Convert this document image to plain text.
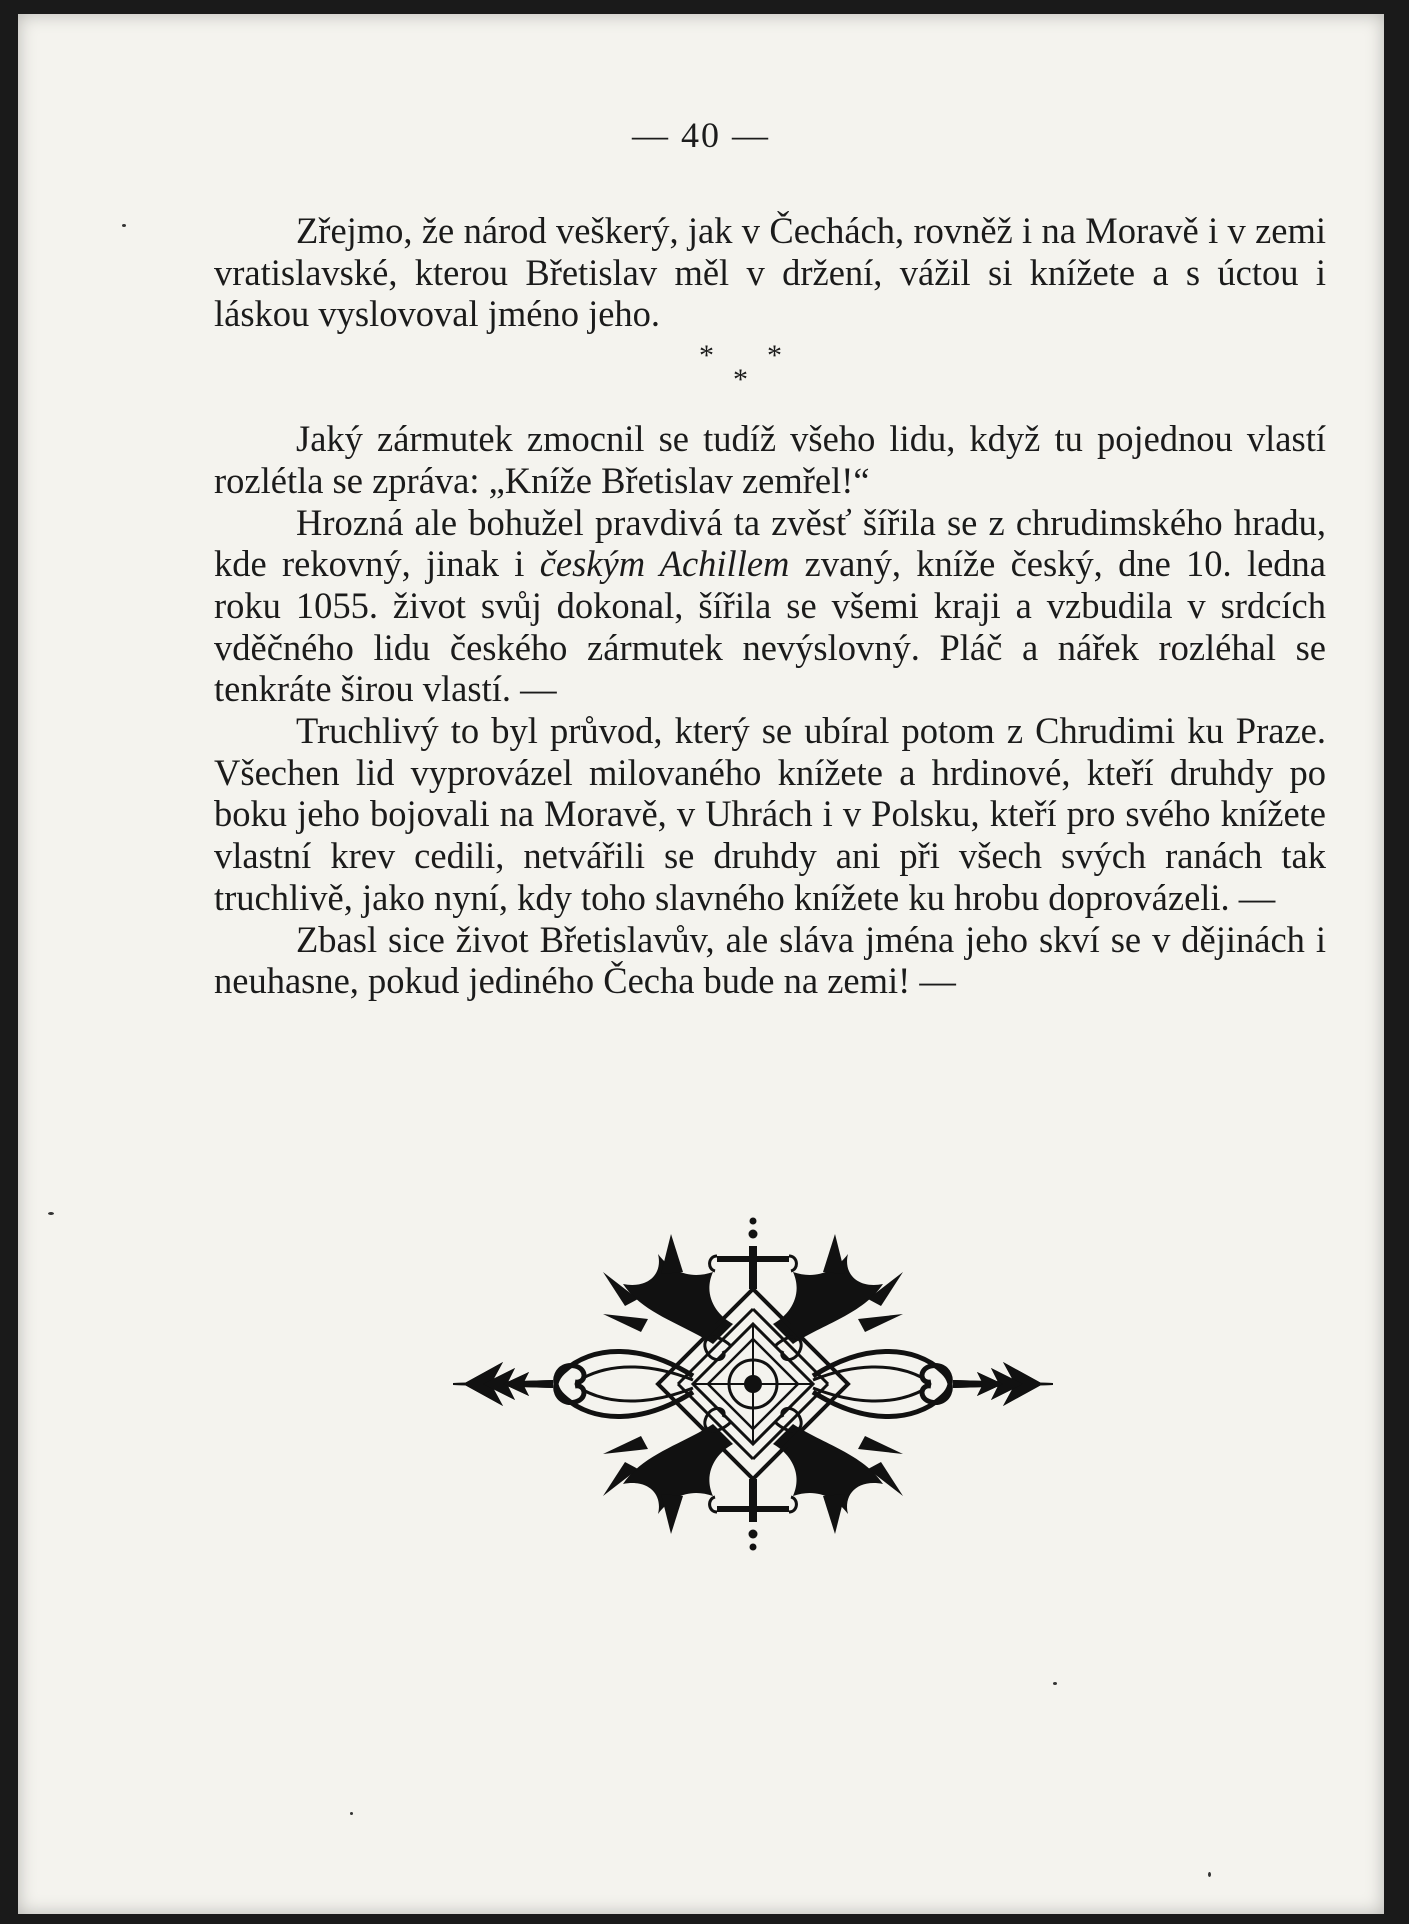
— 40 —

Zřejmo, že národ veškerý, jak v Čechách, rovněž i na Moravě i v zemi vratislavské, kterou Břetislav měl v držení, vážil si knížete a s úctou i láskou vyslovoval jméno jeho.

*
*
*

Jaký zármutek zmocnil se tudíž všeho lidu, když tu pojednou vlastí rozlétla se zpráva: „Kníže Břetislav zemřel!“

Hrozná ale bohužel pravdivá ta zvěsť šířila se z chrudimského hradu, kde rekovný, jinak i českým Achillem zvaný, kníže český, dne 10. ledna roku 1055. život svůj dokonal, šířila se všemi kraji a vzbudila v srdcích vděčného lidu českého zármutek nevýslovný. Pláč a nářek rozléhal se tenkráte širou vlastí. —

Truchlivý to byl průvod, který se ubíral potom z Chrudimi ku Praze. Všechen lid vyprovázel milovaného knížete a hrdinové, kteří druhdy po boku jeho bojovali na Moravě, v Uhrách i v Polsku, kteří pro svého knížete vlastní krev cedili, netvářili se druhdy ani při všech svých ranách tak truchlivě, jako nyní, kdy toho slavného knížete ku hrobu doprovázeli. —

Zbasl sice život Břetislavův, ale sláva jména jeho skví se v dějinách i neuhasne, pokud jediného Čecha bude na zemi! —
